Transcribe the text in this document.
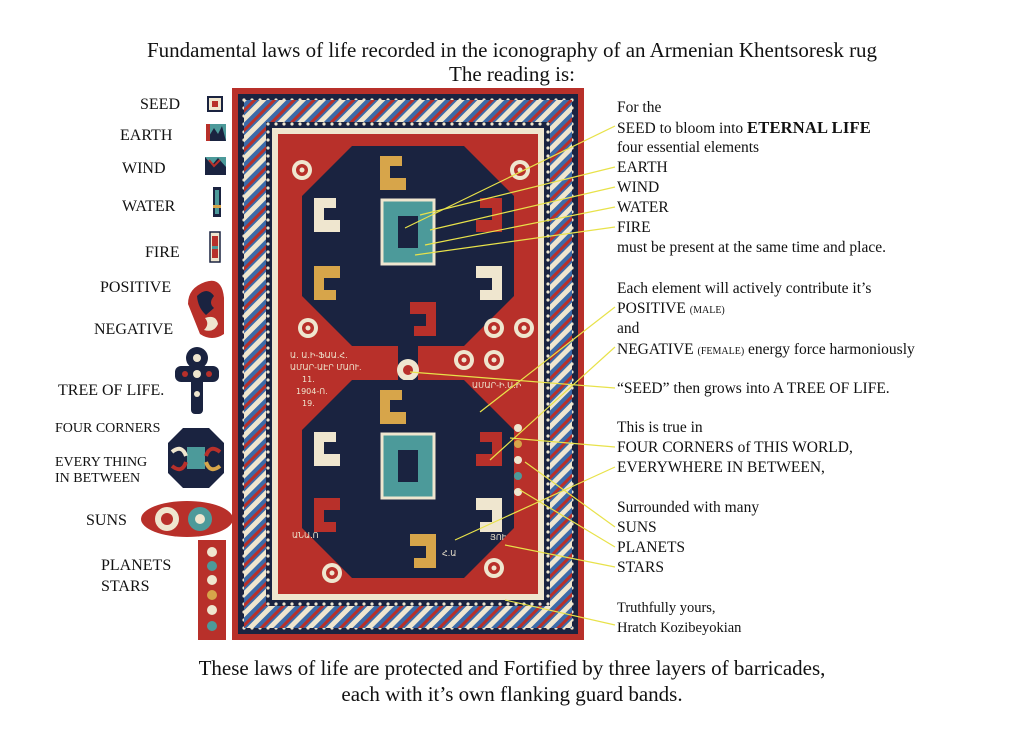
Fundamental laws of life recorded in the iconography of an Armenian Khentsoresk rug
The reading is:
SEED
EARTH
WIND
WATER
FIRE
POSITIVE
NEGATIVE
TREE OF LIFE.
FOUR CORNERS
EVERY THING
IN BETWEEN
SUNS
PLANETS
STARS
Ա. Ա.Ի-ՖԱԱ.Հ.
ԱՄԱՐ-ԱԷՐ ՄԱՈՒ.
11.
1904-Ո.
19.
ԱՄԱՐ-Ի.Ա.Ի
ԱՆԱ.Ո
Հ.Ա
ՅՈՒ
For the
SEED to bloom into ETERNAL LIFE
four essential elements
EARTH
WIND
WATER
FIRE
must be present at the same time and place.
Each element will actively contribute it’s
POSITIVE (MALE)
and
NEGATIVE (FEMALE) energy force harmoniously
“SEED” then grows into A TREE OF LIFE.
This is true in
FOUR CORNERS of THIS WORLD,
EVERYWHERE IN BETWEEN,
Surrounded with many
SUNS
PLANETS
STARS
Truthfully yours,
Hratch Kozibeyokian
These laws of life are protected and Fortified by three layers of barricades,
each with it’s own flanking guard bands.
